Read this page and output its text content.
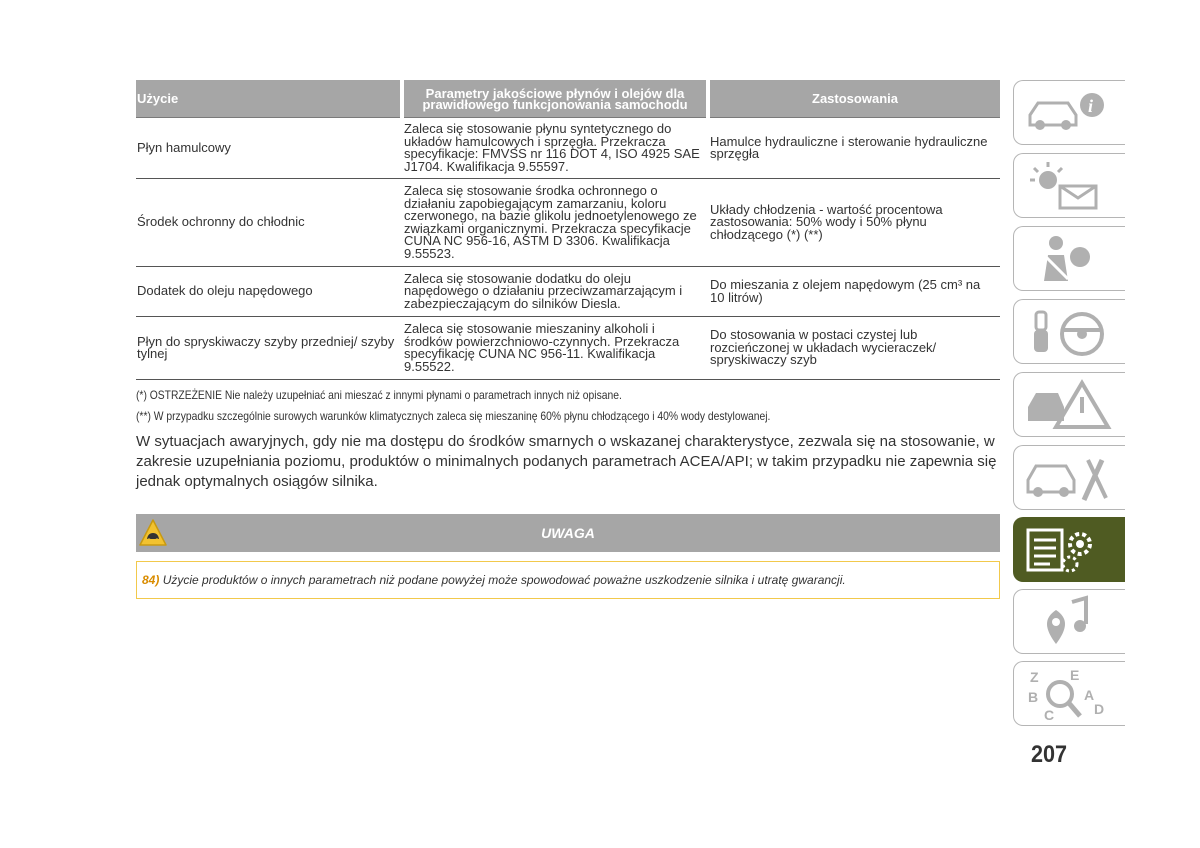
Użycie	Parametry jakościowe płynów i olejów dla prawidłowego funkcjonowania samochodu	Zastosowania
Płyn hamulcowy	Zaleca się stosowanie płynu syntetycznego do układów hamulcowych i sprzęgła. Przekracza specyfikacje: FMVSS nr 116 DOT 4, ISO 4925 SAE J1704. Kwalifikacja 9.55597.	Hamulce hydrauliczne i sterowanie hydrauliczne sprzęgła
Środek ochronny do chłodnic	Zaleca się stosowanie środka ochronnego o działaniu zapobiegającym zamarzaniu, koloru czerwonego, na bazie glikolu jednoetylenowego ze związkami organicznymi. Przekracza specyfikacje CUNA NC 956-16, ASTM D 3306. Kwalifikacja 9.55523.	Układy chłodzenia - wartość procentowa zastosowania: 50% wody i 50% płynu chłodzącego (*) (**)
Dodatek do oleju napędowego	Zaleca się stosowanie dodatku do oleju napędowego o działaniu przeciwzamarzającym i zabezpieczającym do silników Diesla.	Do mieszania z olejem napędowym (25 cm³ na 10 litrów)
Płyn do spryskiwaczy szyby przedniej/ szyby tylnej	Zaleca się stosowanie mieszaniny alkoholi i środków powierzchniowo-czynnych. Przekracza specyfikację CUNA NC 956-11. Kwalifikacja 9.55522.	Do stosowania w postaci czystej lub rozcieńczonej w układach wycieraczek/ spryskiwaczy szyb

(*) OSTRZEŻENIE Nie należy uzupełniać ani mieszać z innymi płynami o parametrach innych niż opisane.

(**) W przypadku szczególnie surowych warunków klimatycznych zaleca się mieszaninę 60% płynu chłodzącego i 40% wody destylowanej.

W sytuacjach awaryjnych, gdy nie ma dostępu do środków smarnych o wskazanej charakterystyce, zezwala się na stosowanie, w zakresie uzupełniania poziomu, produktów o minimalnych podanych parametrach ACEA/API; w takim przypadku nie zapewnia się jednak optymalnych osiągów silnika.

UWAGA
84) Użycie produktów o innych parametrach niż podane powyżej może spowodować poważne uszkodzenie silnika i utratę gwarancji.
i
Z E
B	A
C	D
207
